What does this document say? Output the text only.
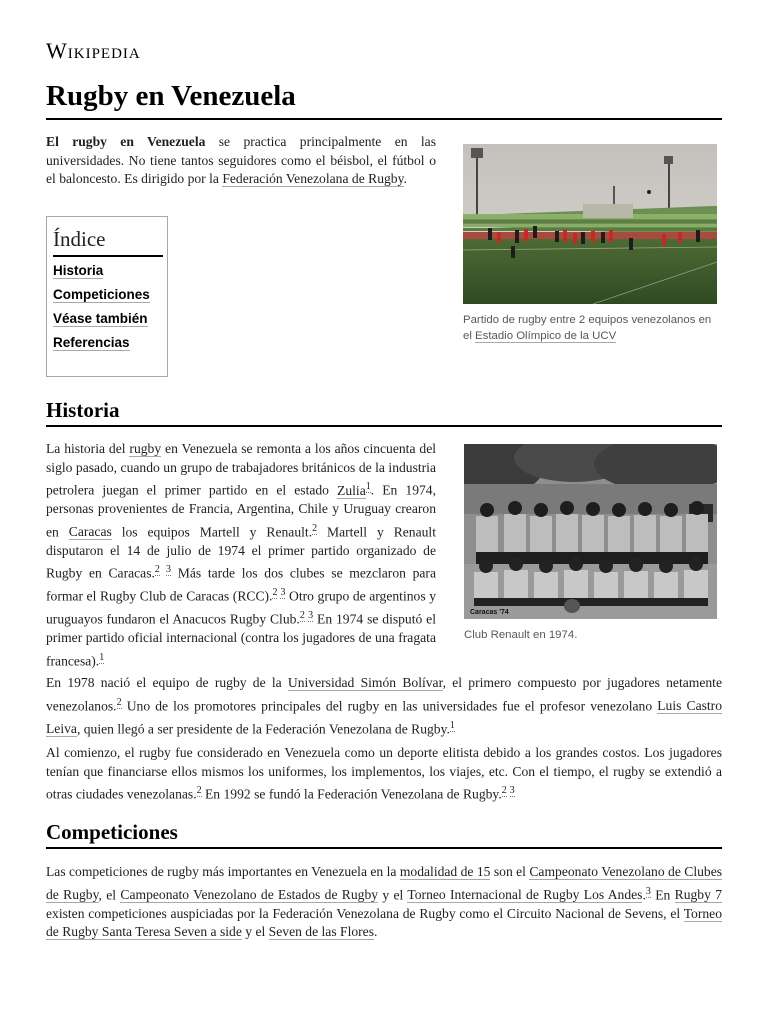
Wikipedia
Rugby en Venezuela

El rugby en Venezuela se practica principalmente en las universidades. No tiene tantos seguidores como el béisbol, el fútbol o el baloncesto. Es dirigido por la Federación Venezolana de Rugby.

Índice
Historia
Competiciones
Véase también
Referencias
Partido de rugby entre 2 equipos venezolanos en el Estadio Olímpico de la UCV
Historia

La historia del rugby en Venezuela se remonta a los años cincuenta del siglo pasado, cuando un grupo de trabajadores británicos de la industria petrolera juegan el primer partido en el estado Zulia$^1$. En 1974, personas provenientes de Francia, Argentina, Chile y Uruguay crearon en Caracas los equipos Martell y Renault.$^2$ Martell y Renault disputaron el 14 de julio de 1974 el primer partido organizado de Rugby en Caracas.$^{2 3}$ Más tarde los dos clubes se mezclaron para formar el Rugby Club de Caracas (RCC).$^{2 3}$ Otro grupo de argentinos y uruguayos fundaron el Anacucos Rugby Club.$^{2 3}$ En 1974 se disputó el primer partido oficial internacional (contra los jugadores de una fragata francesa).$^1$

Caracas '74
Club Renault en 1974.

En 1978 nació el equipo de rugby de la Universidad Simón Bolívar, el primero compuesto por jugadores netamente venezolanos.$^2$ Uno de los promotores principales del rugby en las universidades fue el profesor venezolano Luis Castro Leiva, quien llegó a ser presidente de la Federación Venezolana de Rugby.$^1$

Al comienzo, el rugby fue considerado en Venezuela como un deporte elitista debido a los grandes costos. Los jugadores tenían que financiarse ellos mismos los uniformes, los implementos, los viajes, etc. Con el tiempo, el rugby se extendió a otras ciudades venezolanas.$^2$ En 1992 se fundó la Federación Venezolana de Rugby.$^{2 3}$

Competiciones

Las competiciones de rugby más importantes en Venezuela en la modalidad de 15 son el Campeonato Venezolano de Clubes de Rugby, el Campeonato Venezolano de Estados de Rugby y el Torneo Internacional de Rugby Los Andes.$^3$ En Rugby 7 existen competiciones auspiciadas por la Federación Venezolana de Rugby como el Circuito Nacional de Sevens, el Torneo de Rugby Santa Teresa Seven a side y el Seven de las Flores.
